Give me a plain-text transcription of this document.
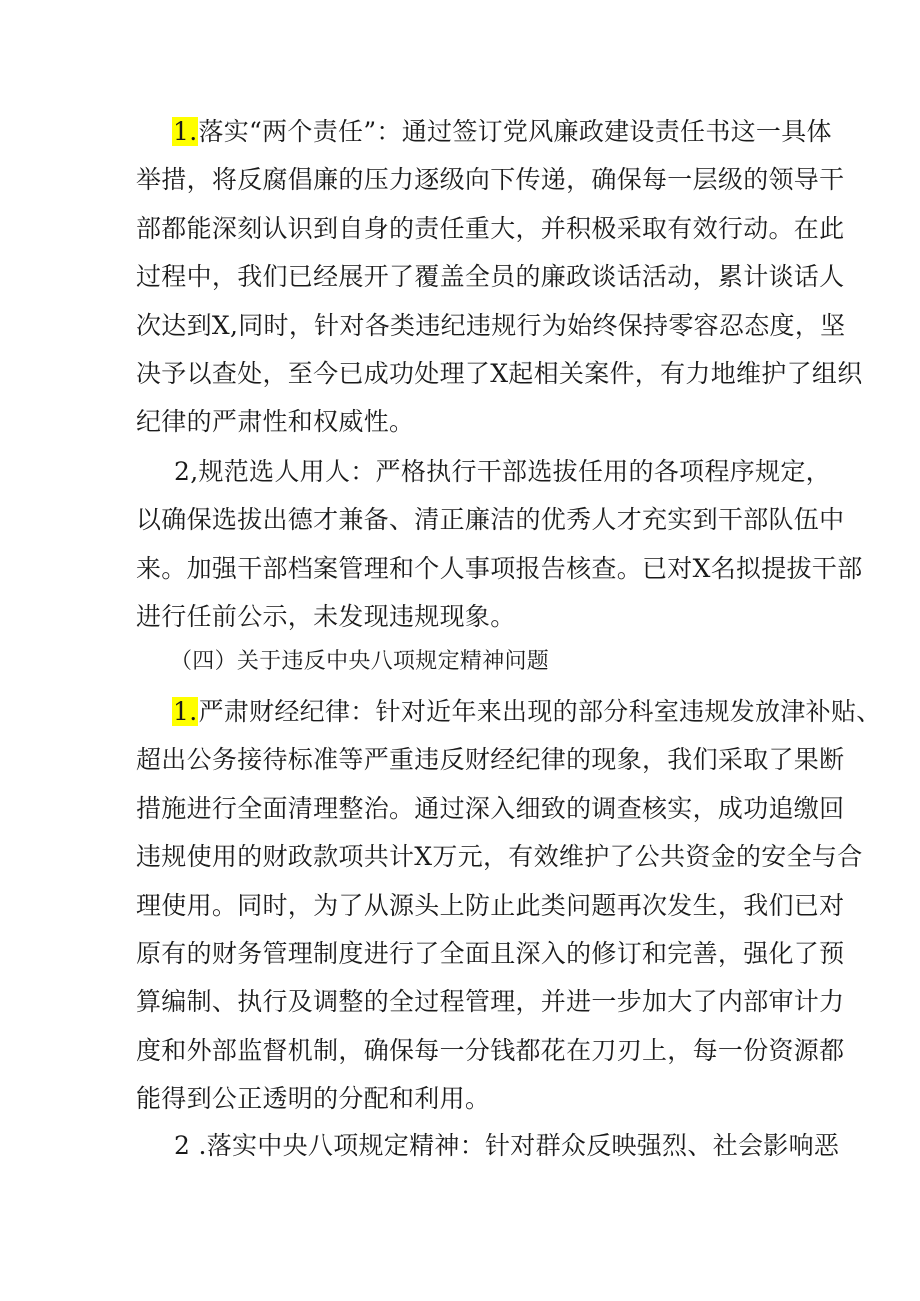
1.落实“两个责任”：通过签订党风廉政建设责任书这一具体
举措，将反腐倡廉的压力逐级向下传递，确保每一层级的领导干
部都能深刻认识到自身的责任重大，并积极采取有效行动。在此
过程中，我们已经展开了覆盖全员的廉政谈话活动，累计谈话人
次达到X,同时，针对各类违纪违规行为始终保持零容忍态度，坚
决予以查处，至今已成功处理了X起相关案件，有力地维护了组织
纪律的严肃性和权威性。
2,规范选人用人：严格执行干部选拔任用的各项程序规定，
以确保选拔出德才兼备、清正廉洁的优秀人才充实到干部队伍中
来。加强干部档案管理和个人事项报告核查。已对X名拟提拔干部
进行任前公示，未发现违规现象。
（四）关于违反中央八项规定精神问题
1.严肃财经纪律：针对近年来出现的部分科室违规发放津补贴、
超出公务接待标准等严重违反财经纪律的现象，我们采取了果断
措施进行全面清理整治。通过深入细致的调查核实，成功追缴回
违规使用的财政款项共计X万元，有效维护了公共资金的安全与合
理使用。同时，为了从源头上防止此类问题再次发生，我们已对
原有的财务管理制度进行了全面且深入的修订和完善，强化了预
算编制、执行及调整的全过程管理，并进一步加大了内部审计力
度和外部监督机制，确保每一分钱都花在刀刃上，每一份资源都
能得到公正透明的分配和利用。
2 .落实中央八项规定精神：针对群众反映强烈、社会影响恶
